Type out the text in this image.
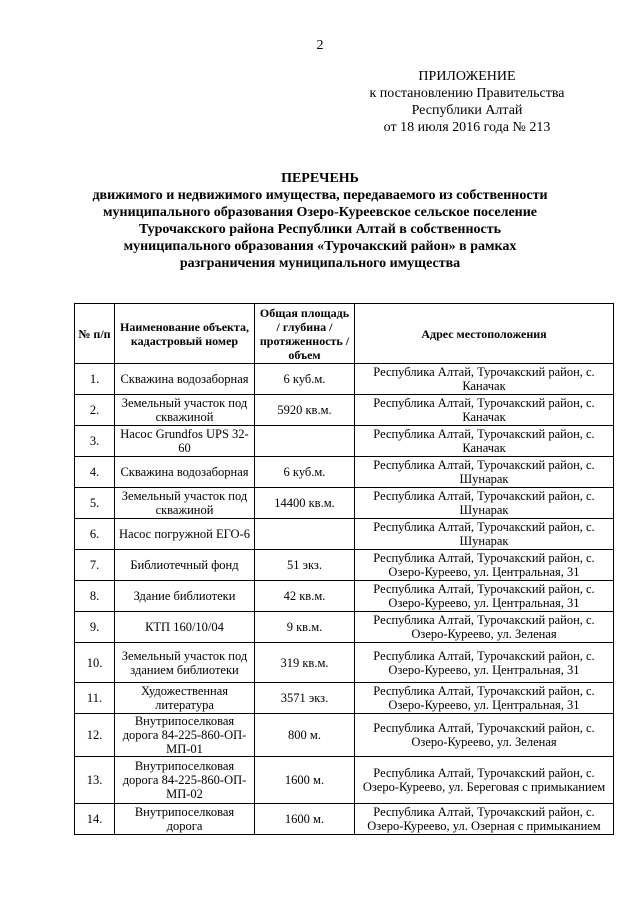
2
ПРИЛОЖЕНИЕ
к постановлению Правительства
Республики Алтай
от 18 июля 2016 года № 213
ПЕРЕЧЕНЬ
движимого и недвижимого имущества, передаваемого из собственности
муниципального образования Озеро-Куреевское сельское поселение
Турочакского района Республики Алтай в собственность
муниципального образования «Турочакский район» в рамках
разграничения муниципального имущества
№ п/п	Наименование объекта, кадастровый номер	Общая площадь / глубина / протяженность / объем	Адрес местоположения
1.	Скважина водозаборная	6 куб.м.	Республика Алтай, Турочакский район, с. Каначак
2.	Земельный участок под скважиной	5920 кв.м.	Республика Алтай, Турочакский район, с. Каначак
3.	Насос Grundfos UPS 32-60		Республика Алтай, Турочакский район, с. Каначак
4.	Скважина водозаборная	6 куб.м.	Республика Алтай, Турочакский район, с. Шунарак
5.	Земельный участок под скважиной	14400 кв.м.	Республика Алтай, Турочакский район, с. Шунарак
6.	Насос погружной ЕГО-6		Республика Алтай, Турочакский район, с. Шунарак
7.	Библиотечный фонд	51 экз.	Республика Алтай, Турочакский район, с. Озеро-Куреево, ул. Центральная, 31
8.	Здание библиотеки	42 кв.м.	Республика Алтай, Турочакский район, с. Озеро-Куреево, ул. Центральная, 31
9.	КТП 160/10/04	9 кв.м.	Республика Алтай, Турочакский район, с. Озеро-Куреево, ул. Зеленая
10.	Земельный участок под зданием библиотеки	319 кв.м.	Республика Алтай, Турочакский район, с. Озеро-Куреево, ул. Центральная, 31
11.	Художественная литература	3571 экз.	Республика Алтай, Турочакский район, с. Озеро-Куреево, ул. Центральная, 31
12.	Внутрипоселковая дорога 84-225-860-ОП-МП-01	800 м.	Республика Алтай, Турочакский район, с. Озеро-Куреево, ул. Зеленая
13.	Внутрипоселковая дорога 84-225-860-ОП-МП-02	1600 м.	Республика Алтай, Турочакский район, с. Озеро-Куреево, ул. Береговая с примыканием
14.	Внутрипоселковая дорога	1600 м.	Республика Алтай, Турочакский район, с. Озеро-Куреево, ул. Озерная с примыканием
